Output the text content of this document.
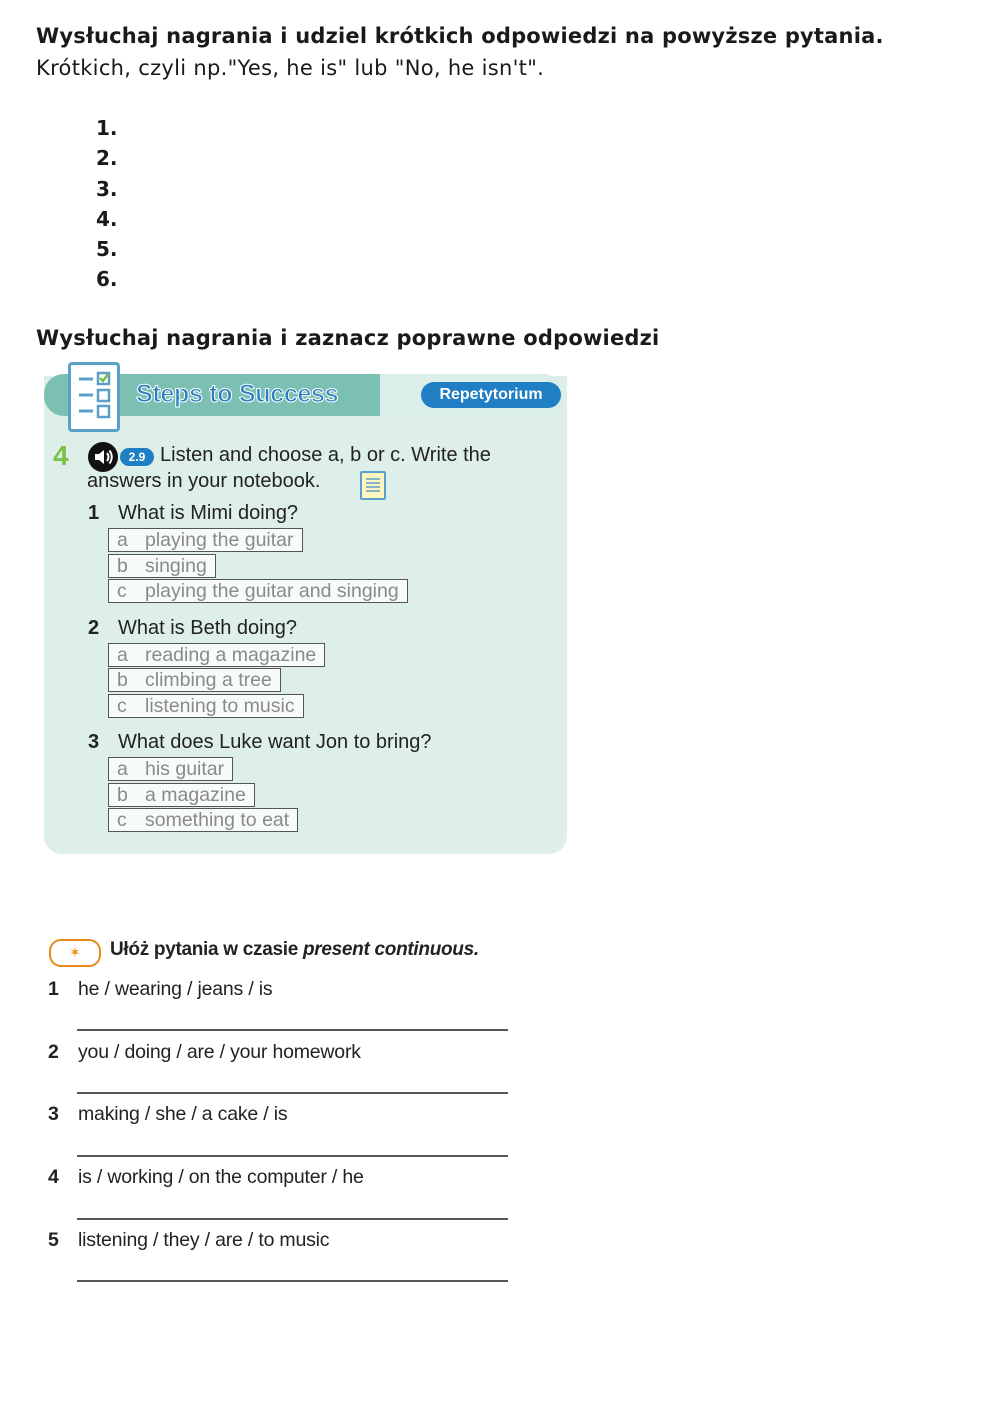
Wysłuchaj nagrania i udziel krótkich odpowiedzi na powyższe pytania.
Krótkich, czyli np."Yes, he is" lub "No, he isn't".
1.
2.
3.
4.
5.
6.
Wysłuchaj nagrania i zaznacz poprawne odpowiedzi
Steps to Success	Repetytorium
4	2.9 Listen and choose a, b or c. Write the
answers in your notebook.
1 What is Mimi doing?
a playing the guitar
b singing
c playing the guitar and singing
2 What is Beth doing?
a reading a magazine
b climbing a tree
c listening to music
3 What does Luke want Jon to bring?
a his guitar
b a magazine
c something to eat
✶	Ułóż pytania w czasie present continuous.
1 he / wearing / jeans / is
2 you / doing / are / your homework
3 making / she / a cake / is
4 is / working / on the computer / he
5 listening / they / are / to music
